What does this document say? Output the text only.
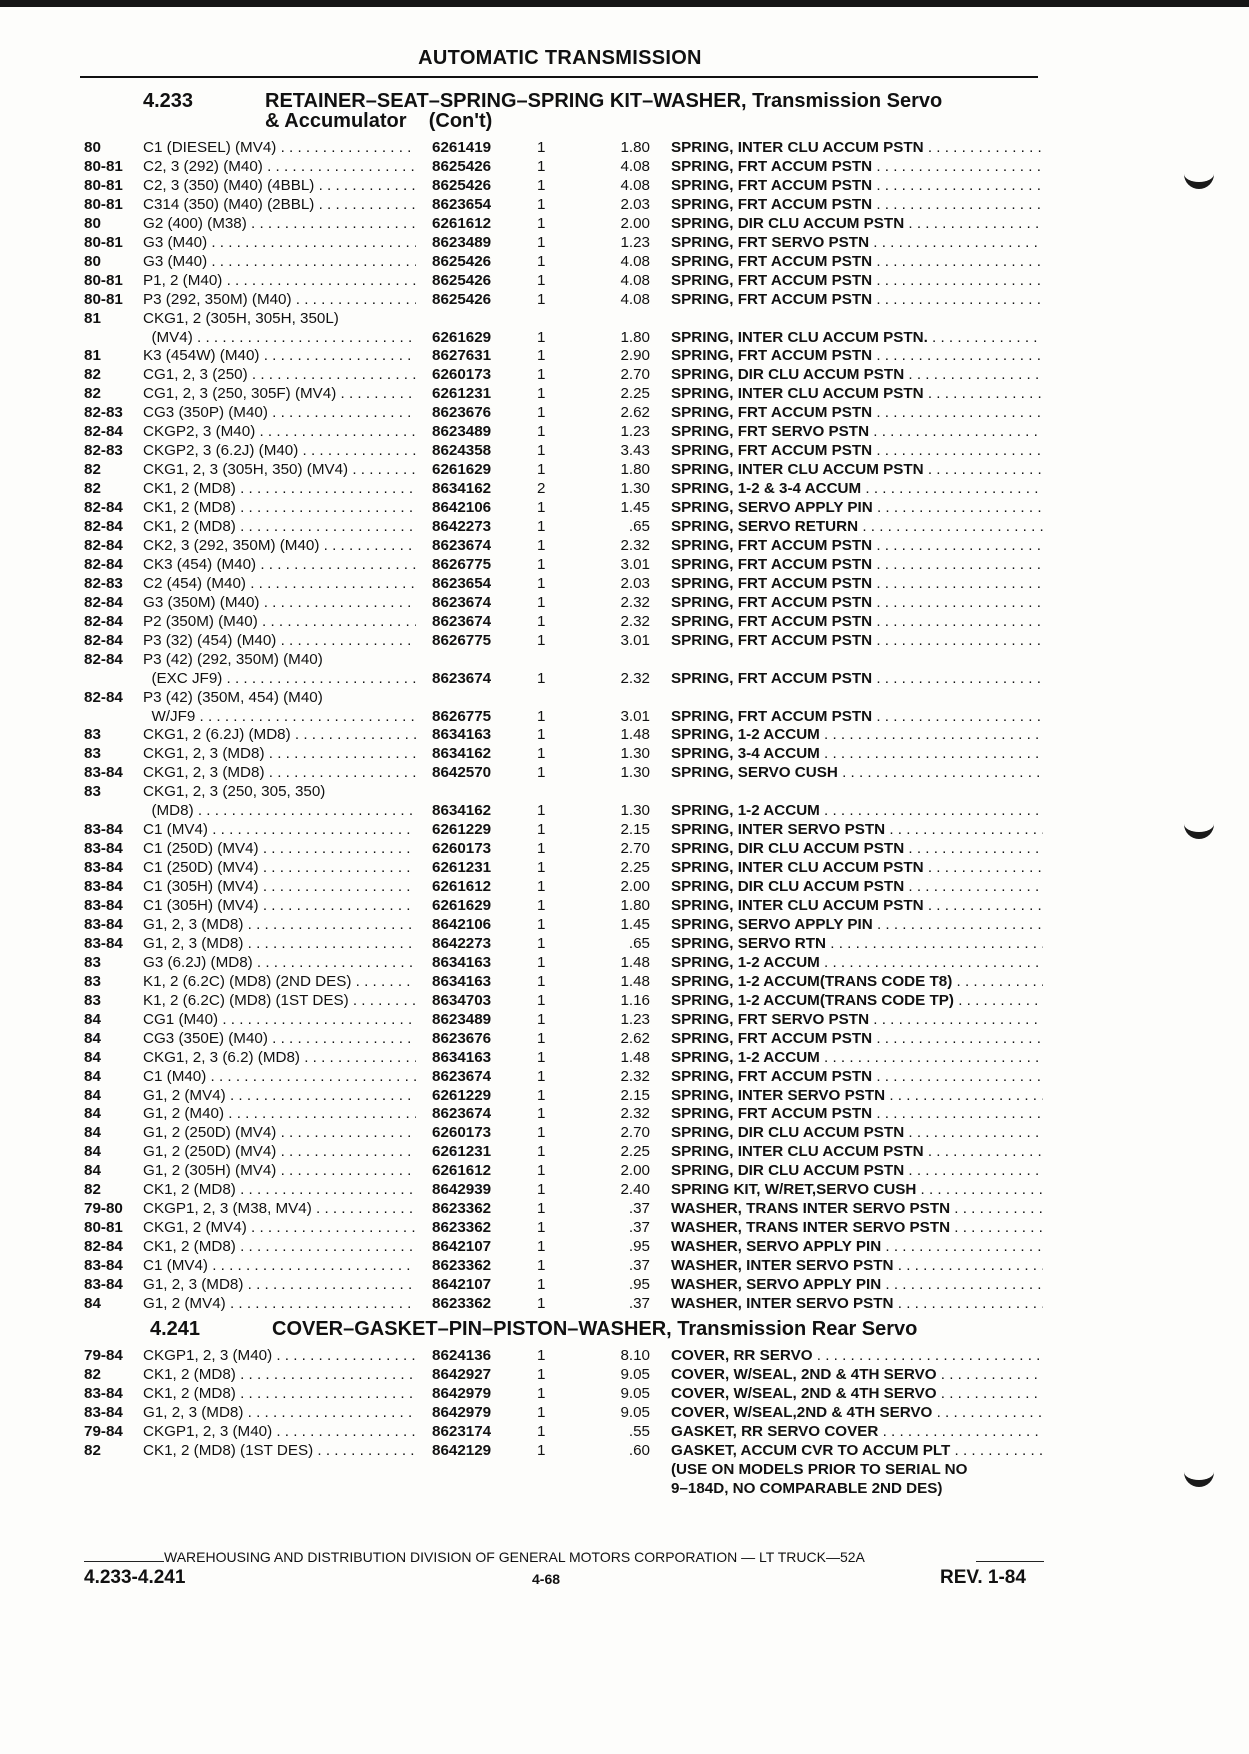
AUTOMATIC TRANSMISSION
4.233	RETAINER–SEAT–SPRING–SPRING KIT–WASHER, Transmission Servo
& Accumulator    (Con't)
80	C1 (DIESEL) (MV4) . . .	6261419	1	1.80 SPRING, INTER CLU ACCUM PSTN . . .
80-81 C2, 3 (292) (M40) . . .	8625426	1	4.08 SPRING, FRT ACCUM PSTN . . .
80-81 C2, 3 (350) (M40) (4BBL) . . .	8625426	1	4.08 SPRING, FRT ACCUM PSTN . . .
80-81 C314 (350) (M40) (2BBL) . . .	8623654	1	2.03 SPRING, FRT ACCUM PSTN . . .
80	G2 (400) (M38) . . .	6261612	1	2.00 SPRING, DIR CLU ACCUM PSTN . . .
80-81 G3 (M40) . . .	8623489	1	1.23 SPRING, FRT SERVO PSTN . . .
80	G3 (M40) . . .	8625426	1	4.08 SPRING, FRT ACCUM PSTN . . .
80-81 P1, 2 (M40) . . .	8625426	1	4.08 SPRING, FRT ACCUM PSTN . . .
80-81 P3 (292, 350M) (M40) . . .	8625426	1	4.08 SPRING, FRT ACCUM PSTN . . .
81	CKG1, 2 (305H, 305H, 350L)
(MV4) . . .	6261629	1	1.80 SPRING, INTER CLU ACCUM PSTN. . . .
81	K3 (454W) (M40) . . .	8627631	1	2.90 SPRING, FRT ACCUM PSTN . . .
82	CG1, 2, 3 (250) . . .	6260173	1	2.70 SPRING, DIR CLU ACCUM PSTN . . .
82	CG1, 2, 3 (250, 305F) (MV4) . . .	6261231	1	2.25 SPRING, INTER CLU ACCUM PSTN . . .
82-83 CG3 (350P) (M40) . . .	8623676	1	2.62 SPRING, FRT ACCUM PSTN . . .
82-84 CKGP2, 3 (M40) . . .	8623489	1	1.23 SPRING, FRT SERVO PSTN . . .
82-83 CKGP2, 3 (6.2J) (M40) . . .	8624358	1	3.43 SPRING, FRT ACCUM PSTN . . .
82	CKG1, 2, 3 (305H, 350) (MV4) . . .	6261629	1	1.80 SPRING, INTER CLU ACCUM PSTN . . .
82	CK1, 2 (MD8) . . .	8634162	2	1.30 SPRING, 1-2 & 3-4 ACCUM . . .
82-84 CK1, 2 (MD8) . . .	8642106	1	1.45 SPRING, SERVO APPLY PIN . . .
82-84 CK1, 2 (MD8) . . .	8642273	1	.65 SPRING, SERVO RETURN . . .
82-84 CK2, 3 (292, 350M) (M40) . . .	8623674	1	2.32 SPRING, FRT ACCUM PSTN . . .
82-84 CK3 (454) (M40) . . .	8626775	1	3.01 SPRING, FRT ACCUM PSTN . . .
82-83 C2 (454) (M40) . . .	8623654	1	2.03 SPRING, FRT ACCUM PSTN . . .
82-84 G3 (350M) (M40) . . .	8623674	1	2.32 SPRING, FRT ACCUM PSTN . . .
82-84 P2 (350M) (M40) . . .	8623674	1	2.32 SPRING, FRT ACCUM PSTN . . .
82-84 P3 (32) (454) (M40) . . .	8626775	1	3.01 SPRING, FRT ACCUM PSTN . . .
82-84 P3 (42) (292, 350M) (M40)
(EXC JF9) . . .	8623674	1	2.32 SPRING, FRT ACCUM PSTN . . .
82-84 P3 (42) (350M, 454) (M40)
W/JF9 . . .	8626775	1	3.01 SPRING, FRT ACCUM PSTN . . .
83	CKG1, 2 (6.2J) (MD8) . . .	8634163	1	1.48 SPRING, 1-2 ACCUM . . .
83	CKG1, 2, 3 (MD8) . . .	8634162	1	1.30 SPRING, 3-4 ACCUM . . .
83-84 CKG1, 2, 3 (MD8) . . .	8642570	1	1.30 SPRING, SERVO CUSH . . .
83	CKG1, 2, 3 (250, 305, 350)
(MD8) . . .	8634162	1	1.30 SPRING, 1-2 ACCUM . . .
83-84 C1 (MV4) . . .	6261229	1	2.15 SPRING, INTER SERVO PSTN . . .
83-84 C1 (250D) (MV4) . . .	6260173	1	2.70 SPRING, DIR CLU ACCUM PSTN . . .
83-84 C1 (250D) (MV4) . . .	6261231	1	2.25 SPRING, INTER CLU ACCUM PSTN . . .
83-84 C1 (305H) (MV4) . . .	6261612	1	2.00 SPRING, DIR CLU ACCUM PSTN . . .
83-84 C1 (305H) (MV4) . . .	6261629	1	1.80 SPRING, INTER CLU ACCUM PSTN . . .
83-84 G1, 2, 3 (MD8) . . .	8642106	1	1.45 SPRING, SERVO APPLY PIN . . .
83-84 G1, 2, 3 (MD8) . . .	8642273	1	.65 SPRING, SERVO RTN . . .
83	G3 (6.2J) (MD8) . . .	8634163	1	1.48 SPRING, 1-2 ACCUM . . .
83	K1, 2 (6.2C) (MD8) (2ND DES) . . .	8634163	1	1.48 SPRING, 1-2 ACCUM(TRANS CODE T8) . . .
83	K1, 2 (6.2C) (MD8) (1ST DES) . . .	8634703	1	1.16 SPRING, 1-2 ACCUM(TRANS CODE TP) . . .
84	CG1 (M40) . . .	8623489	1	1.23 SPRING, FRT SERVO PSTN . . .
84	CG3 (350E) (M40) . . .	8623676	1	2.62 SPRING, FRT ACCUM PSTN . . .
84	CKG1, 2, 3 (6.2) (MD8) . . .	8634163	1	1.48 SPRING, 1-2 ACCUM . . .
84	C1 (M40) . . .	8623674	1	2.32 SPRING, FRT ACCUM PSTN . . .
84	G1, 2 (MV4) . . .	6261229	1	2.15 SPRING, INTER SERVO PSTN . . .
84	G1, 2 (M40) . . .	8623674	1	2.32 SPRING, FRT ACCUM PSTN . . .
84	G1, 2 (250D) (MV4) . . .	6260173	1	2.70 SPRING, DIR CLU ACCUM PSTN . . .
84	G1, 2 (250D) (MV4) . . .	6261231	1	2.25 SPRING, INTER CLU ACCUM PSTN . . .
84	G1, 2 (305H) (MV4) . . .	6261612	1	2.00 SPRING, DIR CLU ACCUM PSTN . . .
82	CK1, 2 (MD8) . . .	8642939	1	2.40 SPRING KIT, W/RET,SERVO CUSH . . .
79-80 CKGP1, 2, 3 (M38, MV4) . . .	8623362	1	.37 WASHER, TRANS INTER SERVO PSTN . . .
80-81 CKG1, 2 (MV4) . . .	8623362	1	.37 WASHER, TRANS INTER SERVO PSTN . . .
82-84 CK1, 2 (MD8) . . .	8642107	1	.95 WASHER, SERVO APPLY PIN . . .
83-84 C1 (MV4) . . .	8623362	1	.37 WASHER, INTER SERVO PSTN . . .
83-84 G1, 2, 3 (MD8) . . .	8642107	1	.95 WASHER, SERVO APPLY PIN . . .
84	G1, 2 (MV4) . . .	8623362	1	.37 WASHER, INTER SERVO PSTN . . .
4.241	COVER–GASKET–PIN–PISTON–WASHER, Transmission Rear Servo
79-84 CKGP1, 2, 3 (M40) . . .	8624136	1	8.10 COVER, RR SERVO . . .
82	CK1, 2 (MD8) . . .	8642927	1	9.05 COVER, W/SEAL, 2ND & 4TH SERVO . . .
83-84 CK1, 2 (MD8) . . .	8642979	1	9.05 COVER, W/SEAL, 2ND & 4TH SERVO . . .
83-84 G1, 2, 3 (MD8) . . .	8642979	1	9.05 COVER, W/SEAL,2ND & 4TH SERVO . . .
79-84 CKGP1, 2, 3 (M40) . . .	8623174	1	.55 GASKET, RR SERVO COVER . . .
82	CK1, 2 (MD8) (1ST DES) . . .	8642129	1	.60 GASKET, ACCUM CVR TO ACCUM PLT . . .
(USE ON MODELS PRIOR TO SERIAL NO
9–184D, NO COMPARABLE 2ND DES)
WAREHOUSING AND DISTRIBUTION DIVISION OF GENERAL MOTORS CORPORATION — LT TRUCK—52A
4.233-4.241	4-68	REV. 1-84
